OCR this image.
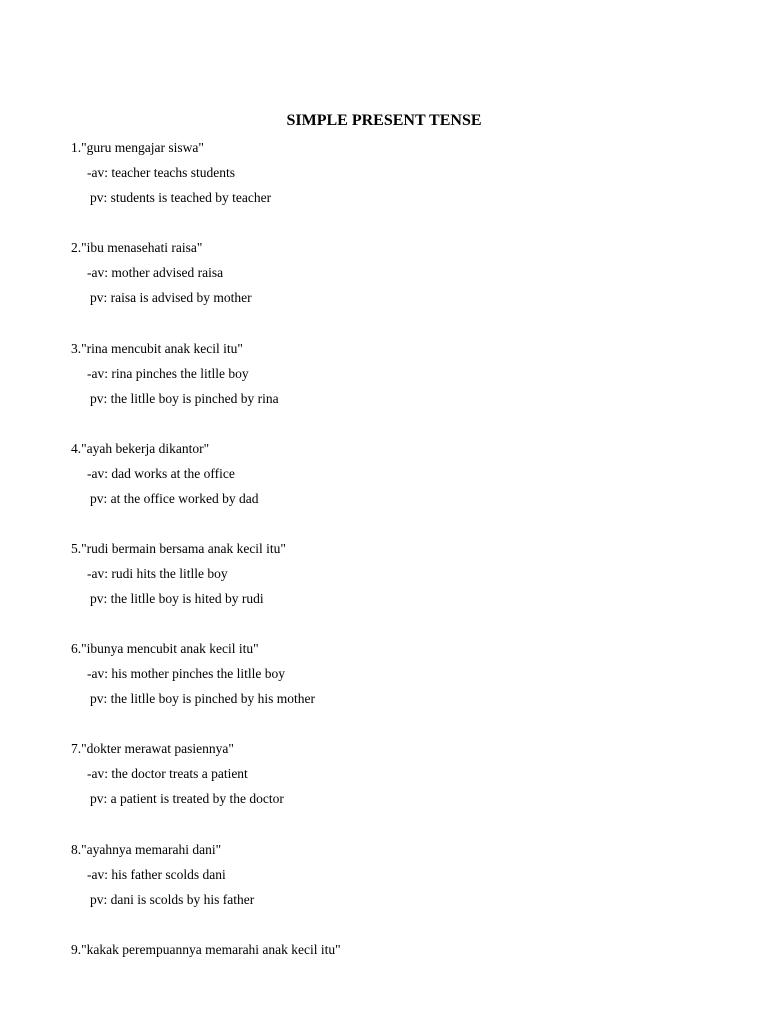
SIMPLE PRESENT TENSE
1."guru mengajar siswa"
-av: teacher teachs students
pv: students is teached by teacher
2."ibu menasehati raisa"
-av: mother advised raisa
pv: raisa is advised by mother
3."rina mencubit anak kecil itu"
-av: rina pinches the litlle boy
pv: the litlle boy is pinched by rina
4."ayah bekerja dikantor"
-av: dad works at the office
pv: at the office worked by dad
5."rudi bermain bersama anak kecil itu"
-av: rudi hits the litlle boy
pv: the litlle boy is hited by rudi
6."ibunya mencubit anak kecil itu"
-av: his mother pinches the litlle boy
pv: the litlle boy is pinched by his mother
7."dokter merawat pasiennya"
-av: the doctor treats a patient
pv: a patient is treated by the doctor
8."ayahnya memarahi dani"
-av: his father scolds dani
pv: dani is scolds by his father
9."kakak perempuannya memarahi anak kecil itu"
